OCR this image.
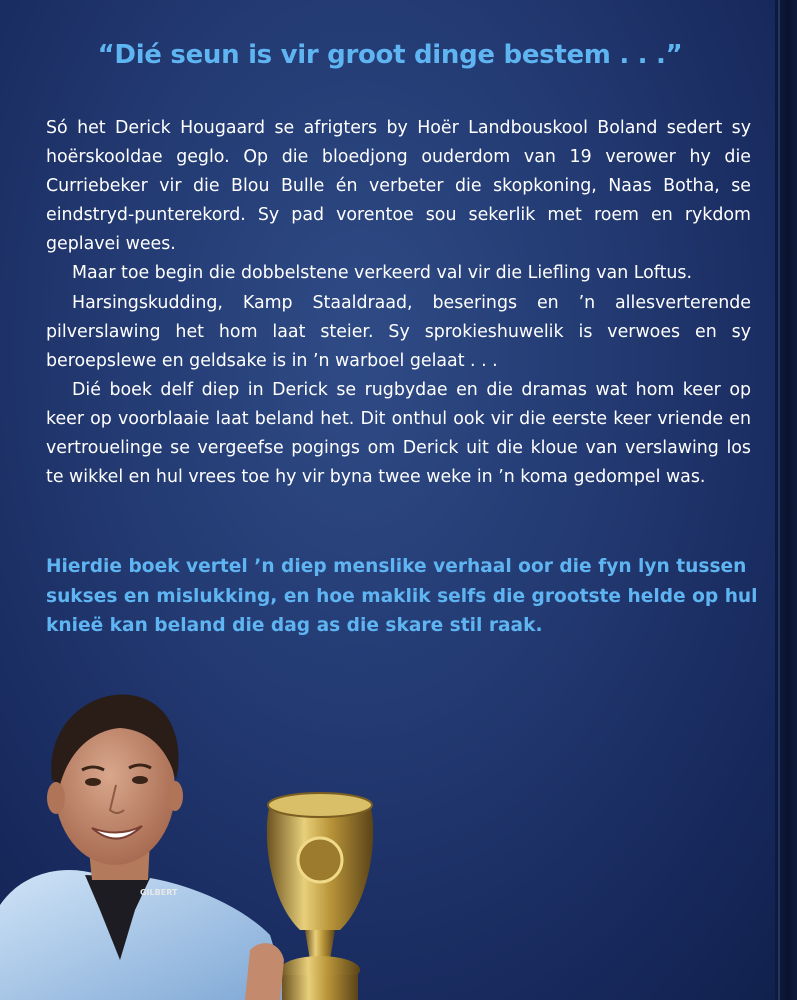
“Dié seun is vir groot dinge bestem . . .”

Só het Derick Hougaard se afrigters by Hoër Landbouskool Boland sedert sy hoërskooldae geglo. Op die bloedjong ouderdom van 19 verower hy die Curriebeker vir die Blou Bulle én verbeter die skopkoning, Naas Botha, se eindstryd-punterekord. Sy pad vorentoe sou sekerlik met roem en rykdom geplavei wees.

Maar toe begin die dobbelstene verkeerd val vir die Liefling van Loftus.

Harsingskudding, Kamp Staaldraad, beserings en ’n allesverterende pilverslawing het hom laat steier. Sy sprokieshuwelik is verwoes en sy beroepslewe en geldsake is in ’n warboel gelaat . . .

Dié boek delf diep in Derick se rugbydae en die dramas wat hom keer op keer op voorblaaie laat beland het. Dit onthul ook vir die eerste keer vriende en vertrouelinge se vergeefse pogings om Derick uit die kloue van verslawing los te wikkel en hul vrees toe hy vir byna twee weke in ’n koma gedompel was.

Hierdie boek vertel ’n diep menslike verhaal oor die fyn lyn tussen
sukses en mislukking, en hoe maklik selfs die grootste helde op hul
knieë kan beland die dag as die skare stil raak.
GILBERT
